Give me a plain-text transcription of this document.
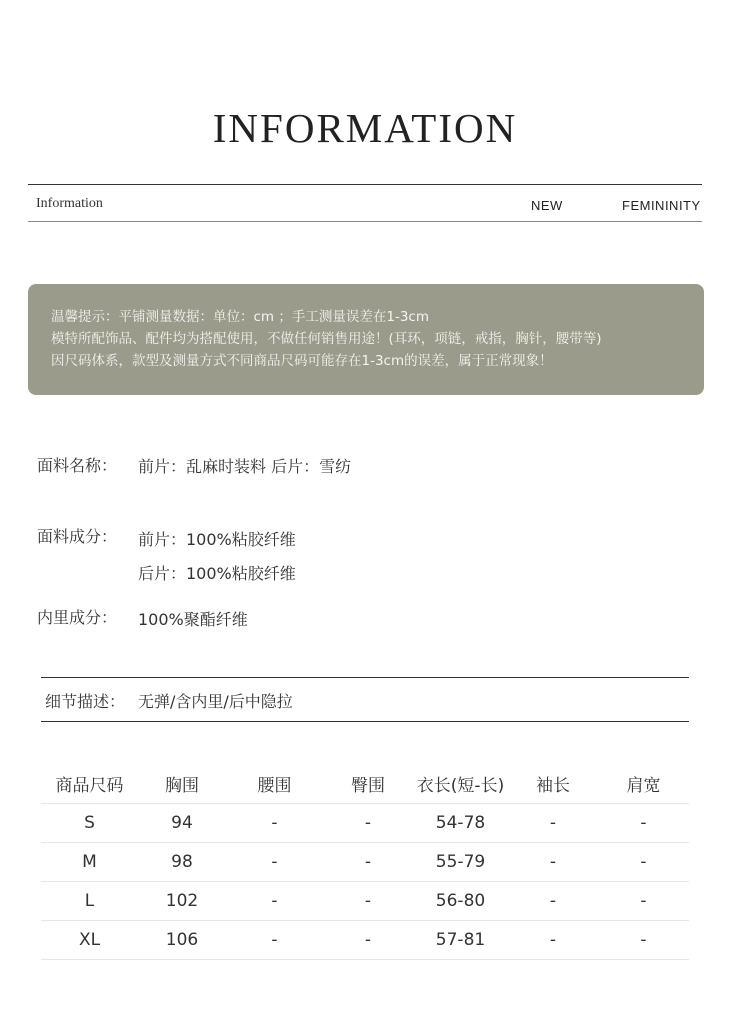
INFORMATION
Information	NEW	FEMININITY
温馨提示：平铺测量数据：单位：cm ；手工测量误差在1-3cm
模特所配饰品、配件均为搭配使用，不做任何销售用途！(耳环，项链，戒指，胸针，腰带等)
因尺码体系，款型及测量方式不同商品尺码可能存在1-3cm的误差，属于正常现象！
面料名称： 前片：乱麻时装料 后片：雪纺
面料成分： 前片：100%粘胶纤维
后片：100%粘胶纤维
内里成分： 100%聚酯纤维
细节描述： 无弹/含内里/后中隐拉
商品尺码	胸围	腰围	臀围	衣长(短-长)	袖长	肩宽
S	94	-	-	54-78	-	-
M	98	-	-	55-79	-	-
L	102	-	-	56-80	-	-
XL	106	-	-	57-81	-	-
